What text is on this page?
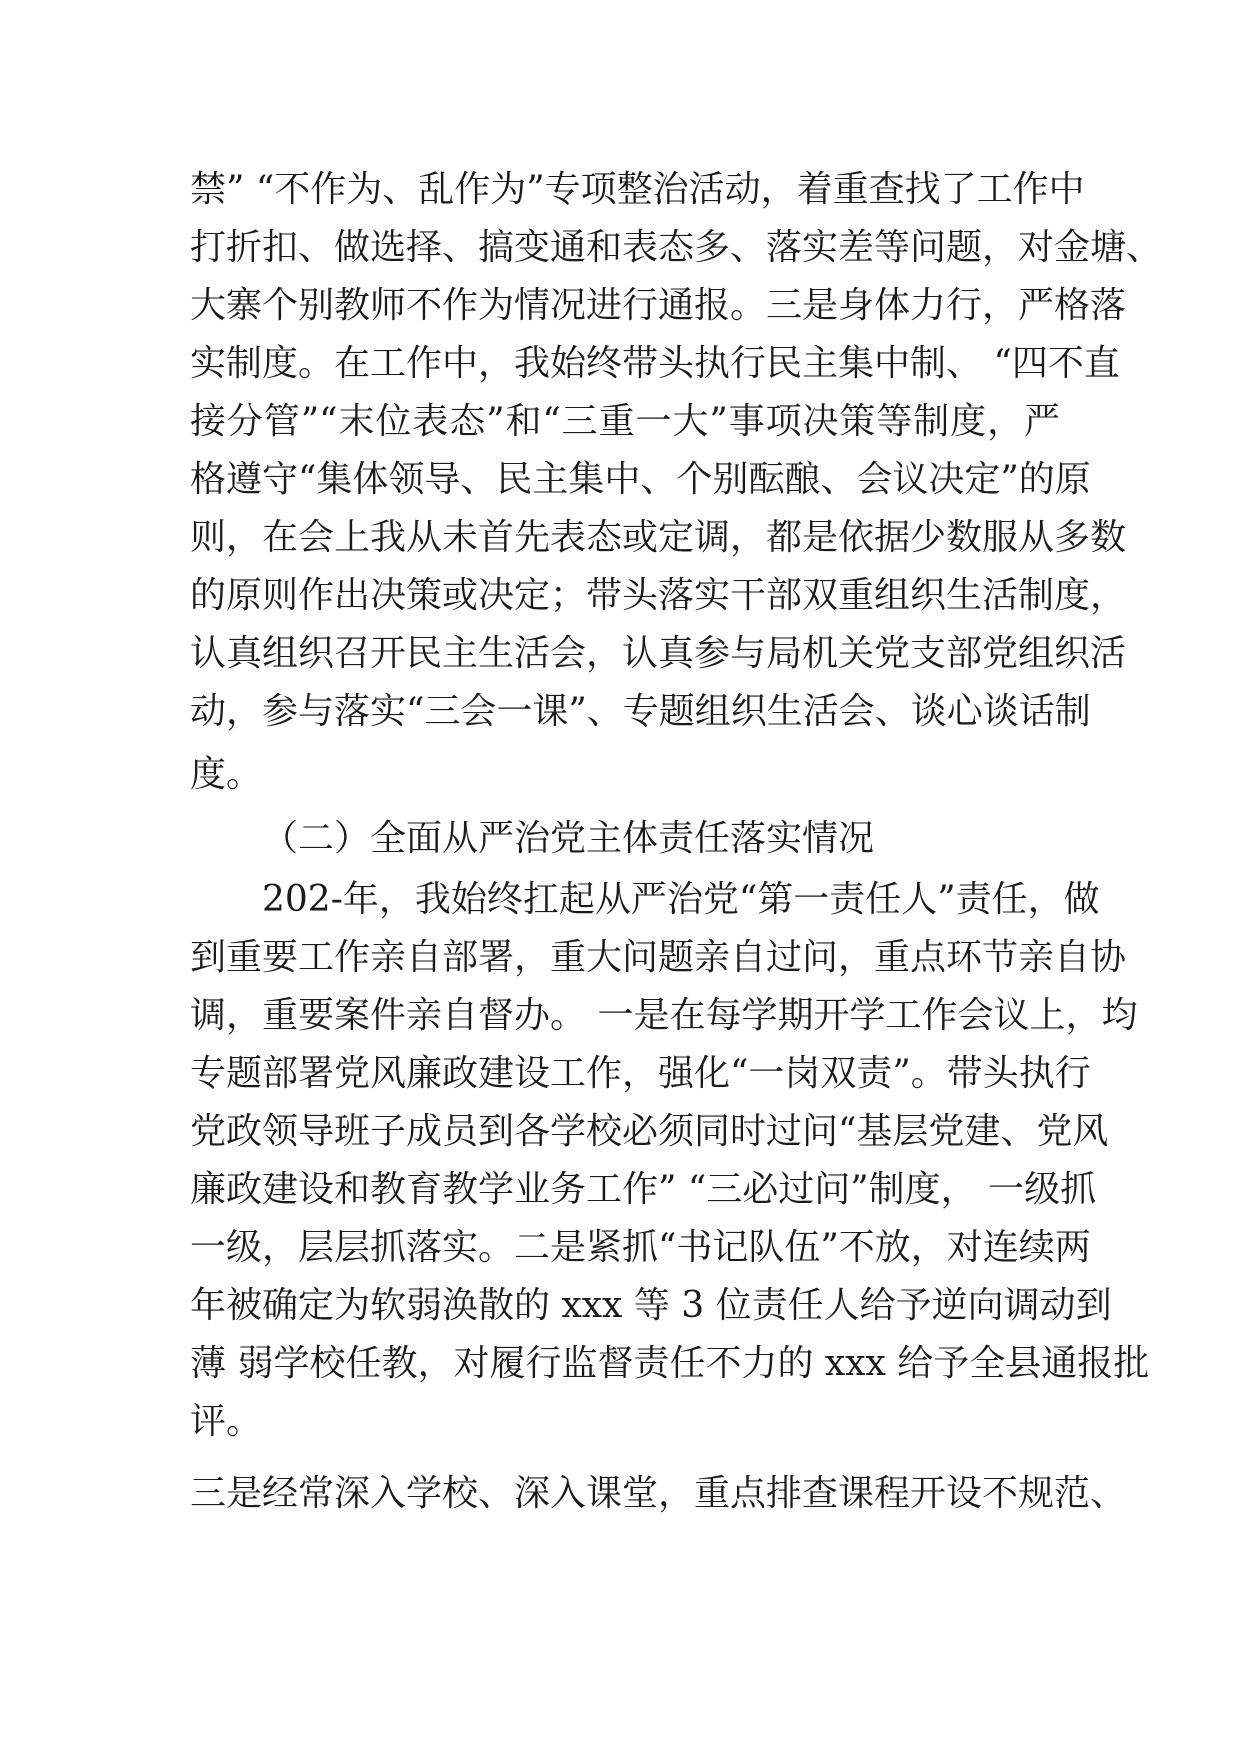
禁” “不作为、乱作为”专项整治活动，着重查找了工作中
打折扣、做选择、搞变通和表态多、落实差等问题，对金塘、
大寨个别教师不作为情况进行通报。三是身体力行，严格落
实制度。在工作中，我始终带头执行民主集中制、 “四不直
接分管”“末位表态”和“三重一大”事项决策等制度，严
格遵守“集体领导、民主集中、个别酝酿、会议决定”的原
则，在会上我从未首先表态或定调，都是依据少数服从多数
的原则作出决策或决定；带头落实干部双重组织生活制度，
认真组织召开民主生活会，认真参与局机关党支部党组织活
动，参与落实“三会一课”、专题组织生活会、谈心谈话制
度。
（二）全面从严治党主体责任落实情况
202-年，我始终扛起从严治党“第一责任人”责任，做
到重要工作亲自部署，重大问题亲自过问，重点环节亲自协
调，重要案件亲自督办。 一是在每学期开学工作会议上，均
专题部署党风廉政建设工作，强化“一岗双责”。带头执行
党政领导班子成员到各学校必须同时过问“基层党建、党风
廉政建设和教育教学业务工作” “三必过问”制度， 一级抓
一级，层层抓落实。二是紧抓“书记队伍”不放，对连续两
年被确定为软弱涣散的 xxx 等 3 位责任人给予逆向调动到
薄 弱学校任教，对履行监督责任不力的 xxx 给予全县通报批
评。
三是经常深入学校、深入课堂，重点排查课程开设不规范、
